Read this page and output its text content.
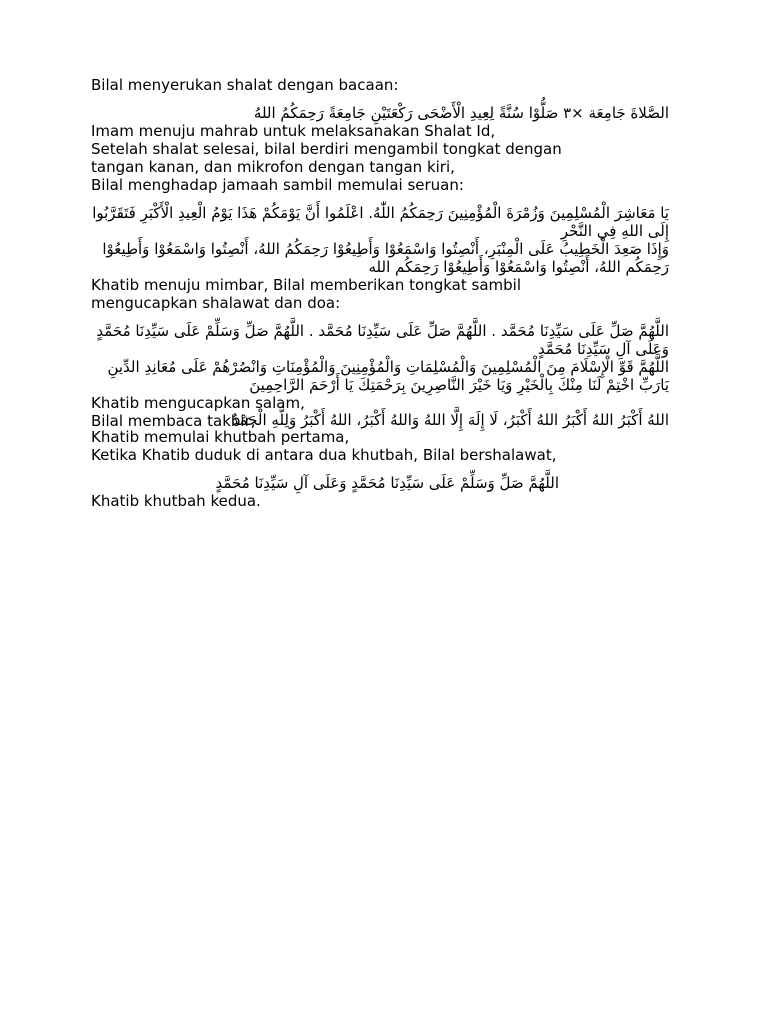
Bilal menyerukan shalat dengan bacaan:

الصَّلاةَ جَامِعَة ×٣ صَلُّوْا سُنَّةً لِعِيدِ الْأَضْحَى رَكْعَتَيْنِ جَامِعَةً رَحِمَكُمُ اللهُ

Imam menuju mahrab untuk melaksanakan Shalat Id,

Setelah shalat selesai, bilal berdiri mengambil tongkat dengan

tangan kanan, dan mikrofon dengan tangan kiri,

Bilal menghadap jamaah sambil memulai seruan:

يَا مَعَاشِرَ الْمُسْلِمِينَ وَزُمْرَةَ الْمُؤْمِنِينَ رَحِمَكُمُ اللّٰهُ. اعْلَمُوا أَنَّ يَوْمَكُمْ هَذَا يَوْمُ الْعِيدِ الْأَكْبَرِ فَتَقَرَّبُوا إِلَى اللهِ فِي النَّحْرِ

وَإِذَا صَعِدَ الْخَطِيبُ عَلَى الْمِنْبَرِ، أَنْصِتُوا وَاسْمَعُوْا وَأَطِيعُوْا رَحِمَكُمُ اللهُ، أَنْصِتُوا وَاسْمَعُوْا وَأَطِيعُوْا رَحِمَكُم اللهُ، أَنْصِتُوا وَاسْمَعُوْا وَأَطِيعُوْا رَحِمَكُم الله

Khatib menuju mimbar, Bilal memberikan tongkat sambil

mengucapkan shalawat dan doa:

اللَّهُمَّ صَلِّ عَلَى سَيِّدِنَا مُحَمَّد . اللَّهُمَّ صَلِّ عَلَى سَيِّدِنَا مُحَمَّد . اللَّهُمَّ صَلِّ وَسَلِّمْ عَلَى سَيِّدِنَا مُحَمَّدٍ وَعَلَى آلِ سَيِّدِنَا مُحَمَّدٍ

اللَّهُمَّ قَوِّ الْإِسْلَامَ مِنَ الْمُسْلِمِينَ وَالْمُسْلِمَاتِ وَالْمُؤْمِنِينَ وَالْمُؤْمِنَاتِ وَانْصُرْهُمْ عَلَى مُعَانِدِ الدِّينِ يَارَبِّ اخْتِمْ لَنَا مِنْكَ بِالْخَيْرِ وَيَا خَيْرَ النَّاصِرِينَ بِرَحْمَتِكَ يَا أَرْحَمَ الرَّاحِمِينَ

Khatib mengucapkan salam,

Bilal membaca takbir,

اللهُ أَكْبَرُ اللهُ أَكْبَرُ اللهُ أَكْبَرُ، لَا إِلَهَ إِلَّا اللهُ وَاللهُ أَكْبَرُ، اللهُ أَكْبَرُ وَلِلَّهِ الْحَمْدُ

Khatib memulai khutbah pertama,

Ketika Khatib duduk di antara dua khutbah, Bilal bershalawat,

اللَّهُمَّ صَلِّ وَسَلِّمْ عَلَى سَيِّدِنَا مُحَمَّدٍ وَعَلَى آلِ سَيِّدِنَا مُحَمَّدٍ

Khatib khutbah kedua.
